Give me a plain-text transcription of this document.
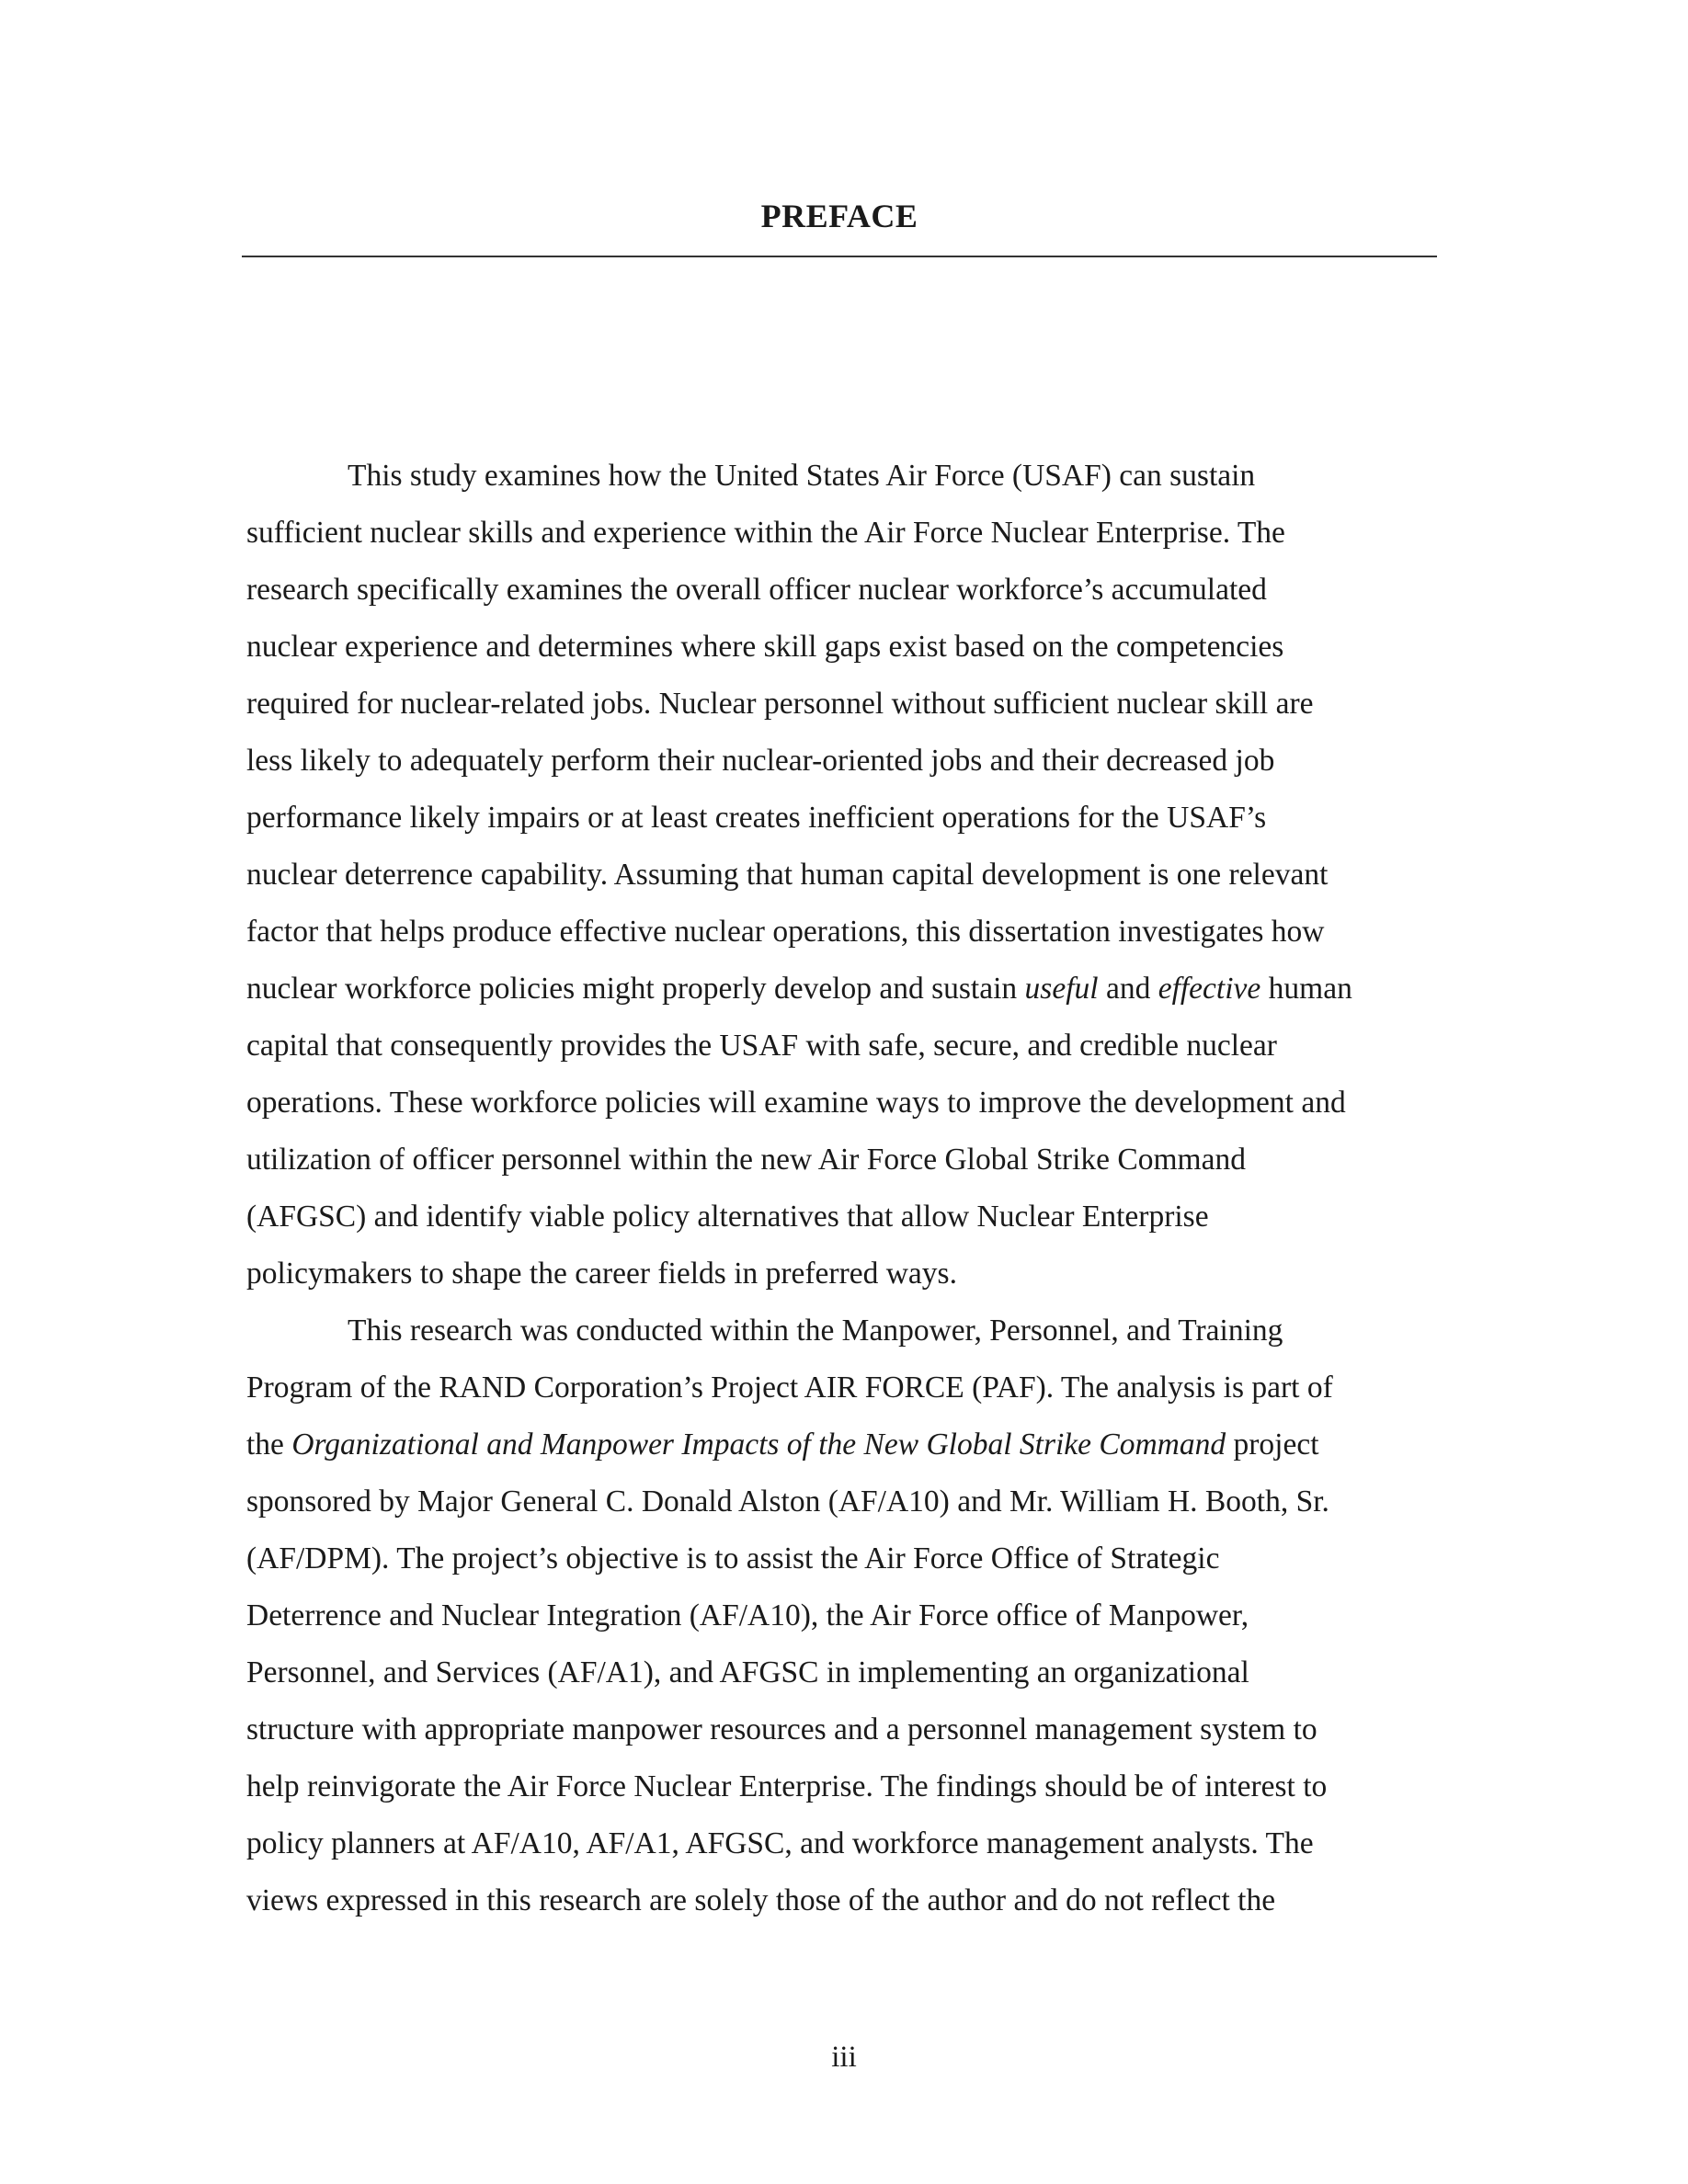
PREFACE

This study examines how the United States Air Force (USAF) can sustain
sufficient nuclear skills and experience within the Air Force Nuclear Enterprise. The
research specifically examines the overall officer nuclear workforce’s accumulated
nuclear experience and determines where skill gaps exist based on the competencies
required for nuclear-related jobs. Nuclear personnel without sufficient nuclear skill are
less likely to adequately perform their nuclear-oriented jobs and their decreased job
performance likely impairs or at least creates inefficient operations for the USAF’s
nuclear deterrence capability. Assuming that human capital development is one relevant
factor that helps produce effective nuclear operations, this dissertation investigates how
nuclear workforce policies might properly develop and sustain useful and effective human
capital that consequently provides the USAF with safe, secure, and credible nuclear
operations. These workforce policies will examine ways to improve the development and
utilization of officer personnel within the new Air Force Global Strike Command
(AFGSC) and identify viable policy alternatives that allow Nuclear Enterprise
policymakers to shape the career fields in preferred ways.

This research was conducted within the Manpower, Personnel, and Training
Program of the RAND Corporation’s Project AIR FORCE (PAF). The analysis is part of
the Organizational and Manpower Impacts of the New Global Strike Command project
sponsored by Major General C. Donald Alston (AF/A10) and Mr. William H. Booth, Sr.
(AF/DPM). The project’s objective is to assist the Air Force Office of Strategic
Deterrence and Nuclear Integration (AF/A10), the Air Force office of Manpower,
Personnel, and Services (AF/A1), and AFGSC in implementing an organizational
structure with appropriate manpower resources and a personnel management system to
help reinvigorate the Air Force Nuclear Enterprise. The findings should be of interest to
policy planners at AF/A10, AF/A1, AFGSC, and workforce management analysts. The
views expressed in this research are solely those of the author and do not reflect the

iii
